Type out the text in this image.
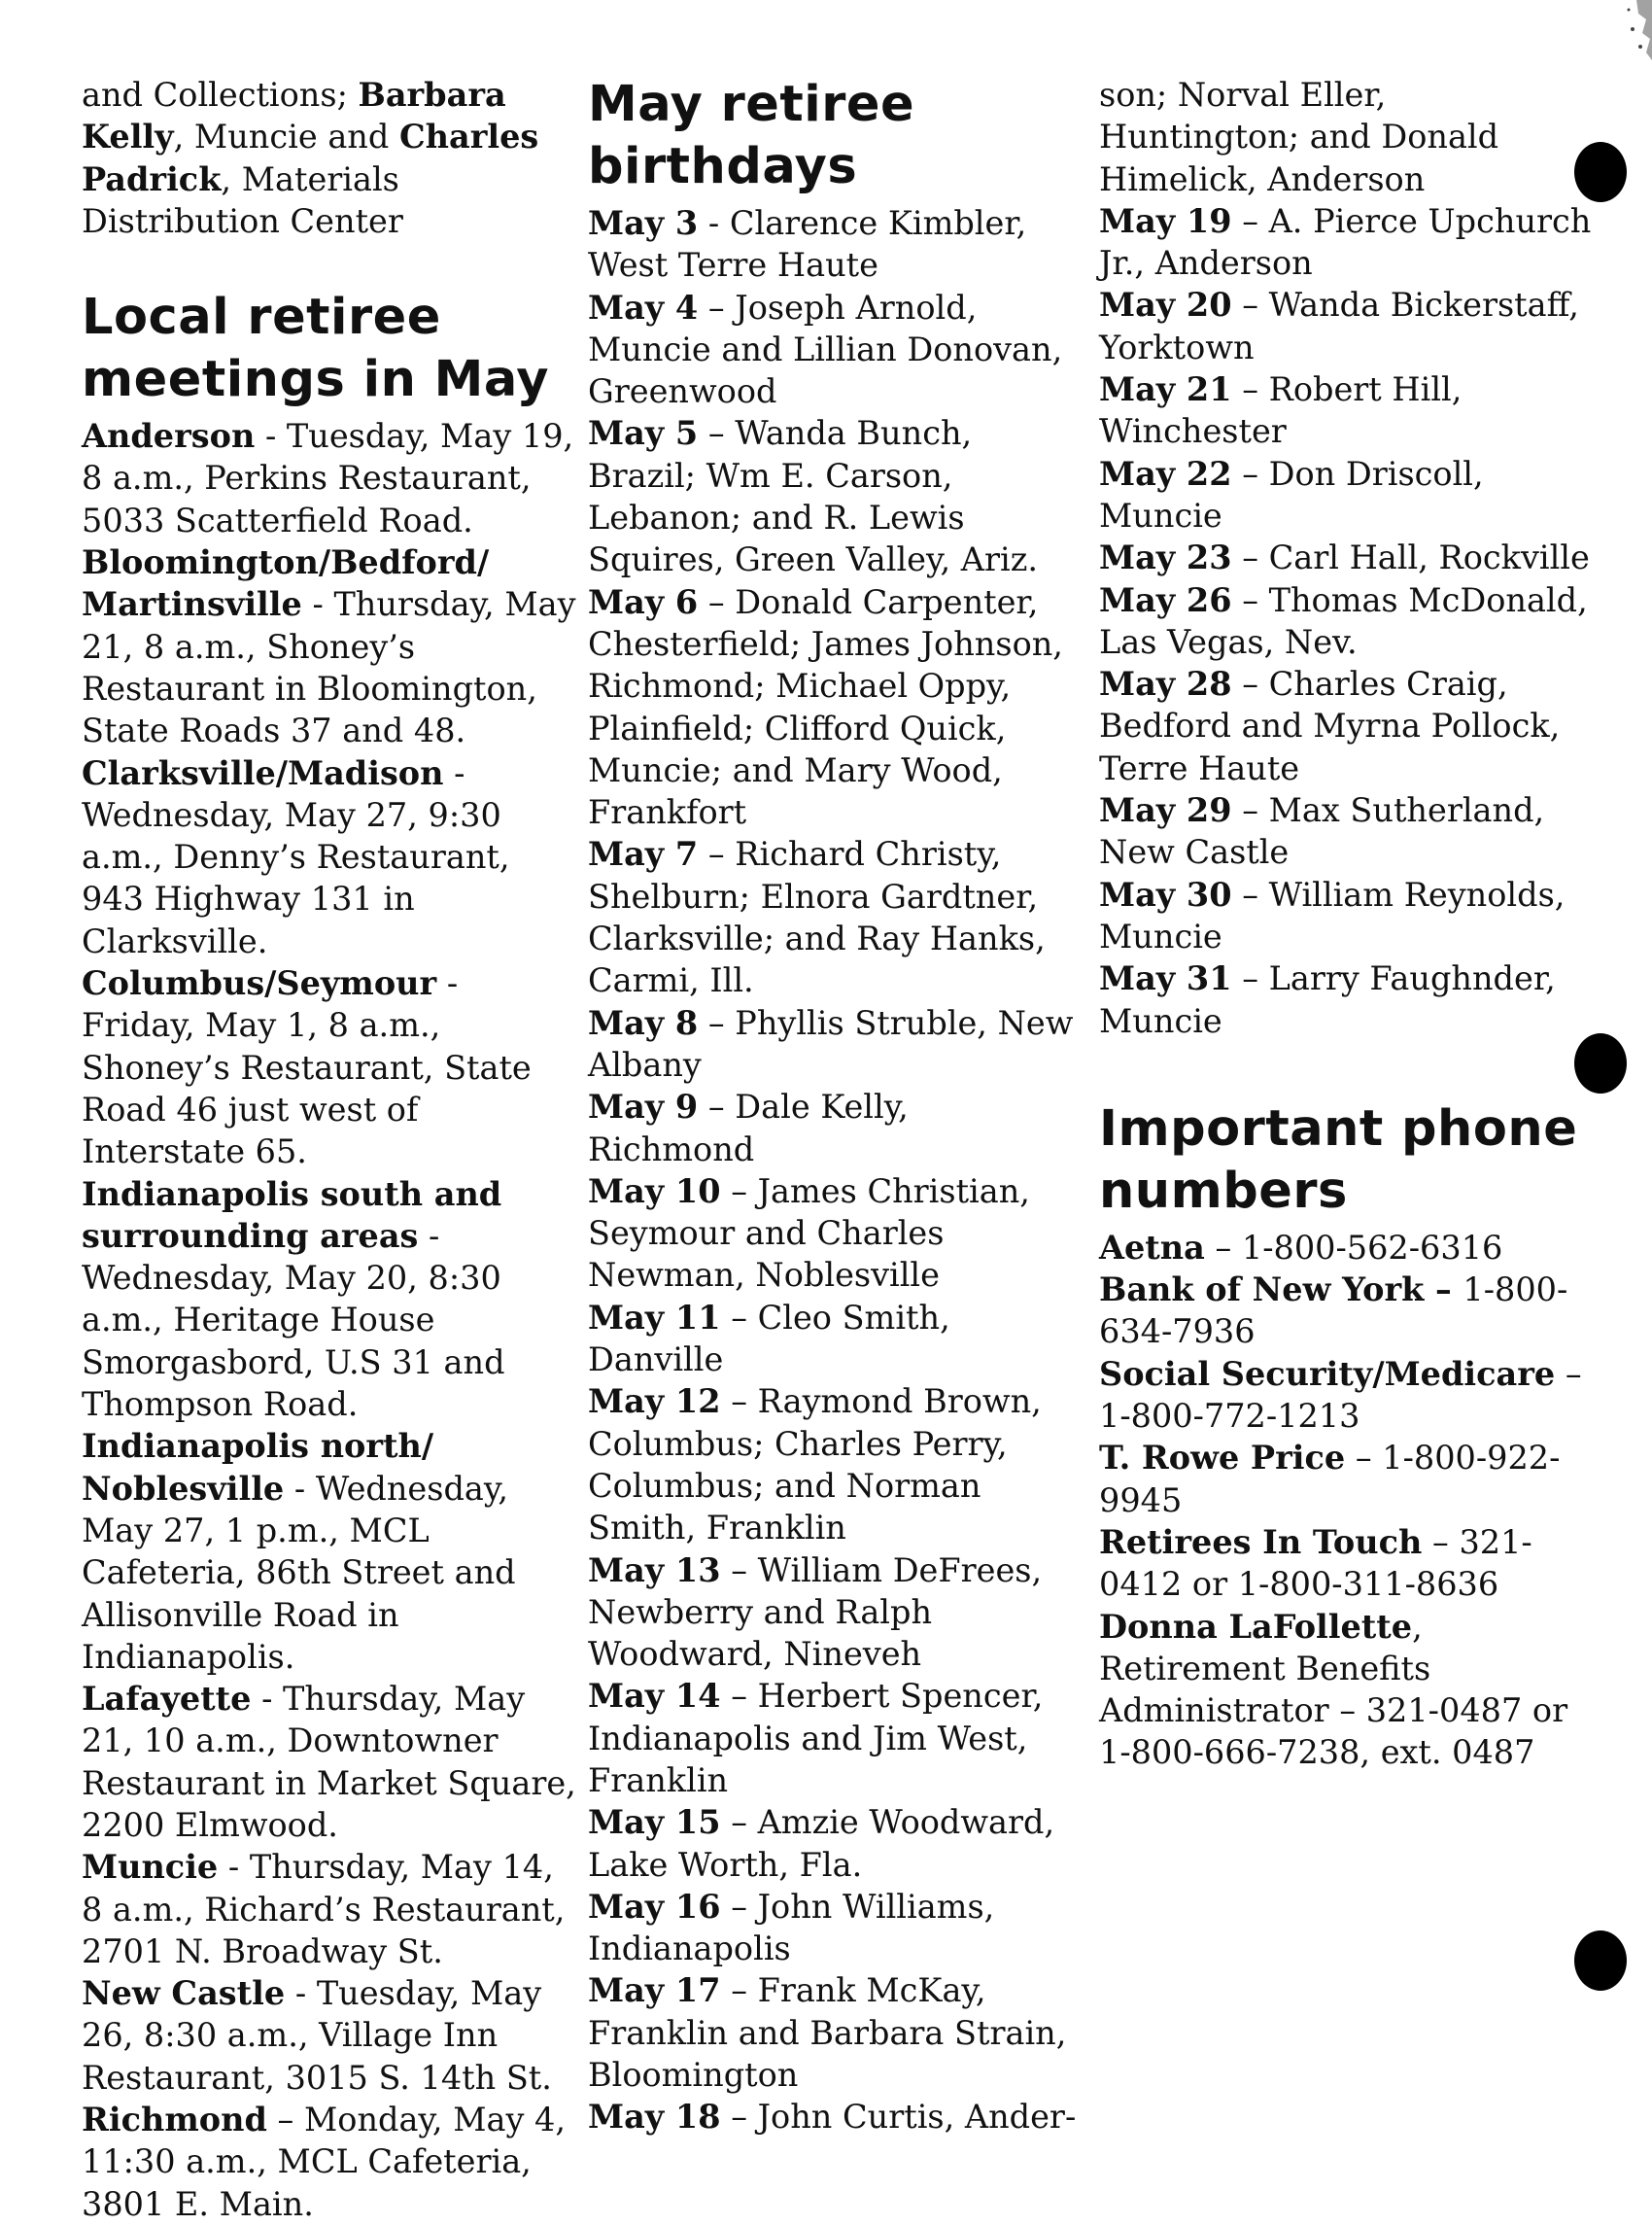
and Collections; Barbara Kelly, Muncie and Charles Padrick, Materials Distribution Center

Local retiree meetings in May

Anderson - Tuesday, May 19, 8 a.m., Perkins Restaurant, 5033 Scatterfield Road.

Bloomington/Bedford/ Martinsville - Thursday, May 21, 8 a.m., Shoney’s Restaurant in Bloomington, State Roads 37 and 48.

Clarksville/Madison - Wednesday, May 27, 9:30 a.m., Denny’s Restaurant, 943 Highway 131 in Clarksville.

Columbus/Seymour - Friday, May 1, 8 a.m., Shoney’s Restaurant, State Road 46 just west of Interstate 65.

Indianapolis south and surrounding areas - Wednesday, May 20, 8:30 a.m., Heritage House Smorgasbord, U.S 31 and Thompson Road.

Indianapolis north/ Noblesville - Wednesday, May 27, 1 p.m., MCL Cafeteria, 86th Street and Allisonville Road in Indianapolis.

Lafayette - Thursday, May 21, 10 a.m., Downtowner Restaurant in Market Square, 2200 Elmwood.

Muncie - Thursday, May 14, 8 a.m., Richard’s Restaurant, 2701 N. Broadway St.

New Castle - Tuesday, May 26, 8:30 a.m., Village Inn Restaurant, 3015 S. 14th St.

Richmond – Monday, May 4, 11:30 a.m., MCL Cafeteria, 3801 E. Main.

May retiree birthdays

May 3 - Clarence Kimbler, West Terre Haute

May 4 – Joseph Arnold, Muncie and Lillian Donovan, Greenwood

May 5 – Wanda Bunch, Brazil; Wm E. Carson, Lebanon; and R. Lewis Squires, Green Valley, Ariz.

May 6 – Donald Carpenter, Chesterfield; James Johnson, Richmond; Michael Oppy, Plainfield; Clifford Quick, Muncie; and Mary Wood, Frankfort

May 7 – Richard Christy, Shelburn; Elnora Gardtner, Clarksville; and Ray Hanks, Carmi, Ill.

May 8 – Phyllis Struble, New Albany

May 9 – Dale Kelly, Richmond

May 10 – James Christian, Seymour and Charles Newman, Noblesville

May 11 – Cleo Smith, Danville

May 12 – Raymond Brown, Columbus; Charles Perry, Columbus; and Norman Smith, Franklin

May 13 – William DeFrees, Newberry and Ralph Woodward, Nineveh

May 14 – Herbert Spencer, Indianapolis and Jim West, Franklin

May 15 – Amzie Woodward, Lake Worth, Fla.

May 16 – John Williams, Indianapolis

May 17 – Frank McKay, Franklin and Barbara Strain, Bloomington

May 18 – John Curtis, Ander-

son; Norval Eller, Huntington; and Donald Himelick, Anderson

May 19 – A. Pierce Upchurch Jr., Anderson

May 20 – Wanda Bickerstaff, Yorktown

May 21 – Robert Hill, Winchester

May 22 – Don Driscoll, Muncie

May 23 – Carl Hall, Rockville

May 26 – Thomas McDonald, Las Vegas, Nev.

May 28 – Charles Craig, Bedford and Myrna Pollock, Terre Haute

May 29 – Max Sutherland, New Castle

May 30 – William Reynolds, Muncie

May 31 – Larry Faughnder, Muncie

Important phone numbers

Aetna – 1-800-562-6316

Bank of New York – 1-800-634-7936

Social Security/Medicare – 1-800-772-1213

T. Rowe Price – 1-800-922-9945

Retirees In Touch – 321-0412 or 1-800-311-8636

Donna LaFollette, Retirement Benefits Administrator – 321-0487 or 1-800-666-7238, ext. 0487
